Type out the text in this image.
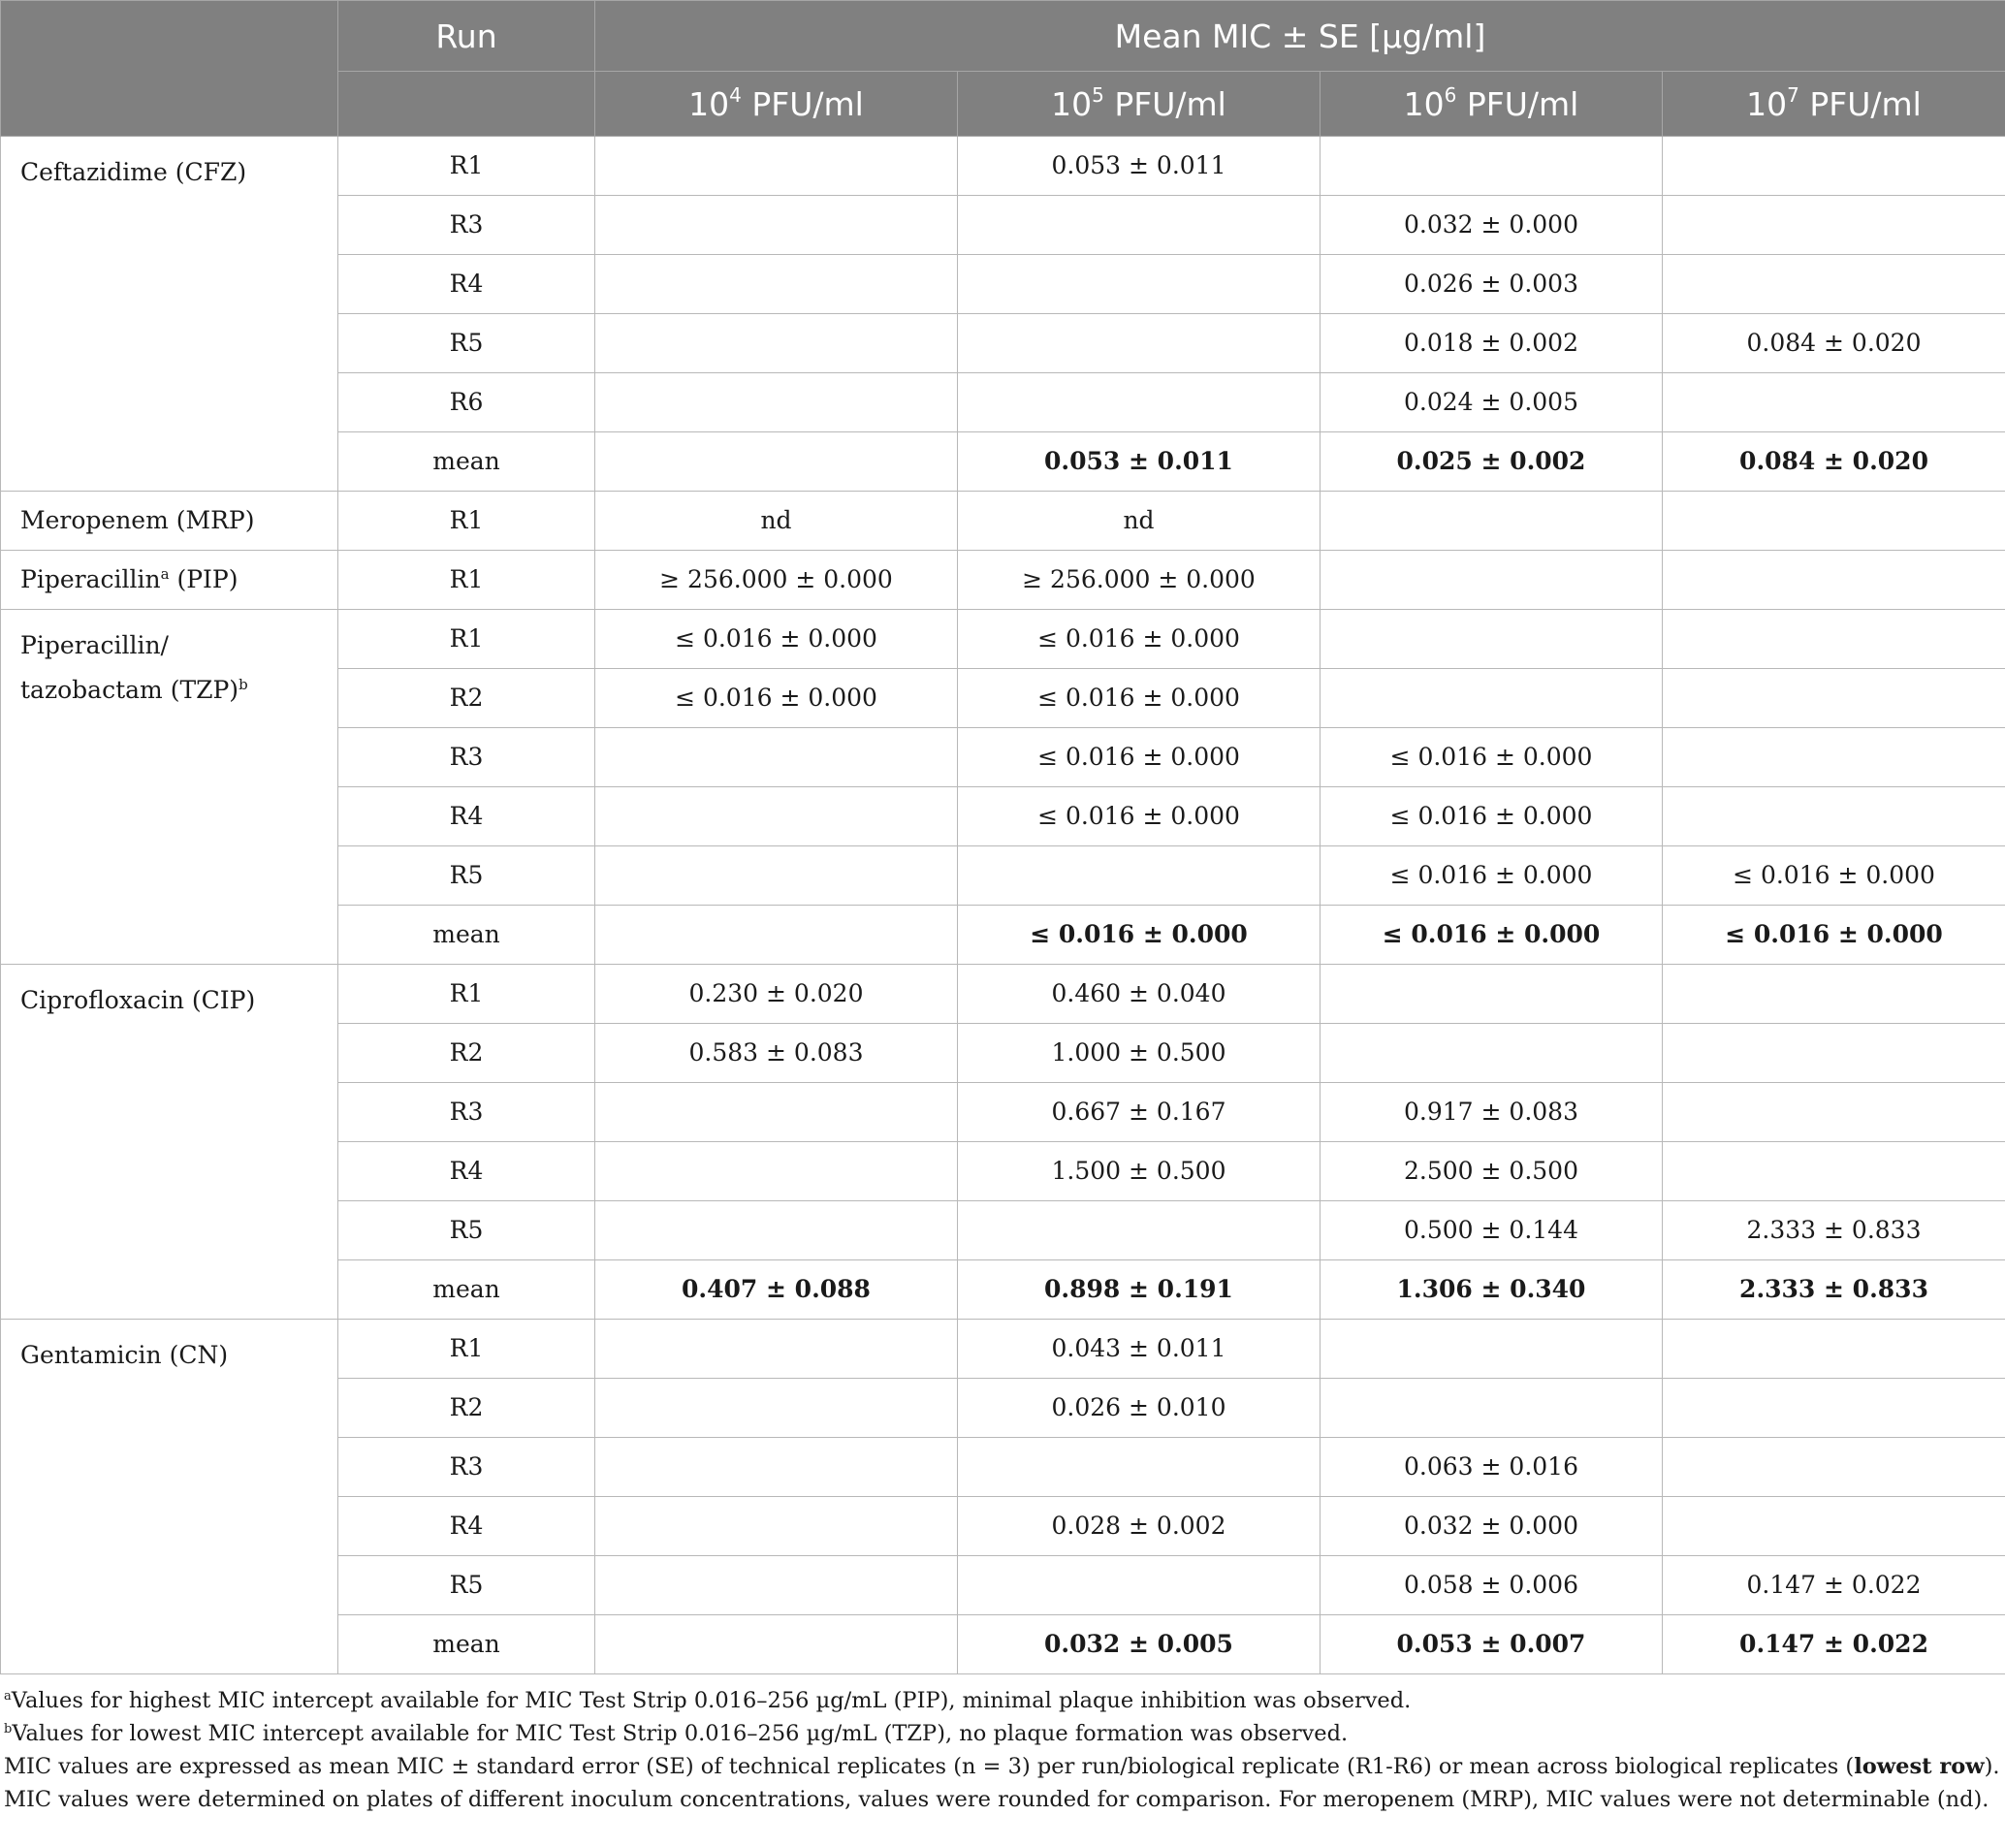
	Run	Mean MIC ± SE [µg/ml]			
		$10^4$ PFU/ml	$10^5$ PFU/ml	$10^6$ PFU/ml	$10^7$ PFU/ml
Ceftazidime (CFZ)	R1		0.053 ± 0.011		
	R3			0.032 ± 0.000	
	R4			0.026 ± 0.003	
	R5			0.018 ± 0.002	0.084 ± 0.020
	R6			0.024 ± 0.005	
	mean		0.053 ± 0.011	0.025 ± 0.002	0.084 ± 0.020
Meropenem (MRP)	R1	nd	nd		
Piperacillin$^a$ (PIP)	R1	≥ 256.000 ± 0.000	≥ 256.000 ± 0.000		
Piperacillin/ tazobactam (TZP)$^b$	R1	≤ 0.016 ± 0.000	≤ 0.016 ± 0.000		
	R2	≤ 0.016 ± 0.000	≤ 0.016 ± 0.000		
	R3		≤ 0.016 ± 0.000	≤ 0.016 ± 0.000	
	R4		≤ 0.016 ± 0.000	≤ 0.016 ± 0.000	
	R5			≤ 0.016 ± 0.000	≤ 0.016 ± 0.000
	mean		≤ 0.016 ± 0.000	≤ 0.016 ± 0.000	≤ 0.016 ± 0.000
Ciprofloxacin (CIP)	R1	0.230 ± 0.020	0.460 ± 0.040		
	R2	0.583 ± 0.083	1.000 ± 0.500		
	R3		0.667 ± 0.167	0.917 ± 0.083	
	R4		1.500 ± 0.500	2.500 ± 0.500	
	R5			0.500 ± 0.144	2.333 ± 0.833
	mean	0.407 ± 0.088	0.898 ± 0.191	1.306 ± 0.340	2.333 ± 0.833
Gentamicin (CN)	R1		0.043 ± 0.011		
	R2		0.026 ± 0.010		
	R3			0.063 ± 0.016	
	R4		0.028 ± 0.002	0.032 ± 0.000	
	R5			0.058 ± 0.006	0.147 ± 0.022
	mean		0.032 ± 0.005	0.053 ± 0.007	0.147 ± 0.022

$^a$Values for highest MIC intercept available for MIC Test Strip 0.016–256 µg/mL (PIP), minimal plaque inhibition was observed.

$^b$Values for lowest MIC intercept available for MIC Test Strip 0.016–256 µg/mL (TZP), no plaque formation was observed.

MIC values are expressed as mean MIC ± standard error (SE) of technical replicates (n = 3) per run/biological replicate (R1-R6) or mean across biological replicates (lowest row). MIC values were determined on plates of different inoculum concentrations, values were rounded for comparison. For meropenem (MRP), MIC values were not determinable (nd).
